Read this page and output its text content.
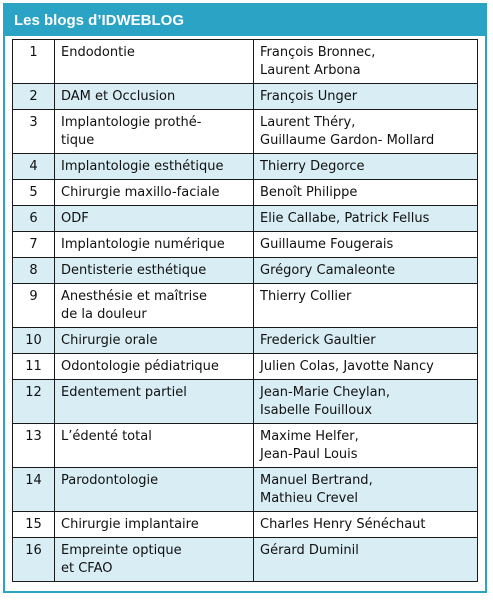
Les blogs d’IDWEBLOG
1	Endodontie	François Bronnec,
Laurent Arbona
2	DAM et Occlusion	François Unger
3	Implantologie prothé-
tique	Laurent Théry,
Guillaume Gardon- Mollard
4	Implantologie esthétique	Thierry Degorce
5	Chirurgie maxillo-faciale	Benoît Philippe
6	ODF	Elie Callabe, Patrick Fellus
7	Implantologie numérique	Guillaume Fougerais
8	Dentisterie esthétique	Grégory Camaleonte
9	Anesthésie et maîtrise
de la douleur	Thierry Collier
10	Chirurgie orale	Frederick Gaultier
11	Odontologie pédiatrique	Julien Colas, Javotte Nancy
12	Edentement partiel	Jean-Marie Cheylan,
Isabelle Fouilloux
13	L’édenté total	Maxime Helfer,
Jean-Paul Louis
14	Parodontologie	Manuel Bertrand,
Mathieu Crevel
15	Chirurgie implantaire	Charles Henry Sénéchaut
16	Empreinte optique
et CFAO	Gérard Duminil
